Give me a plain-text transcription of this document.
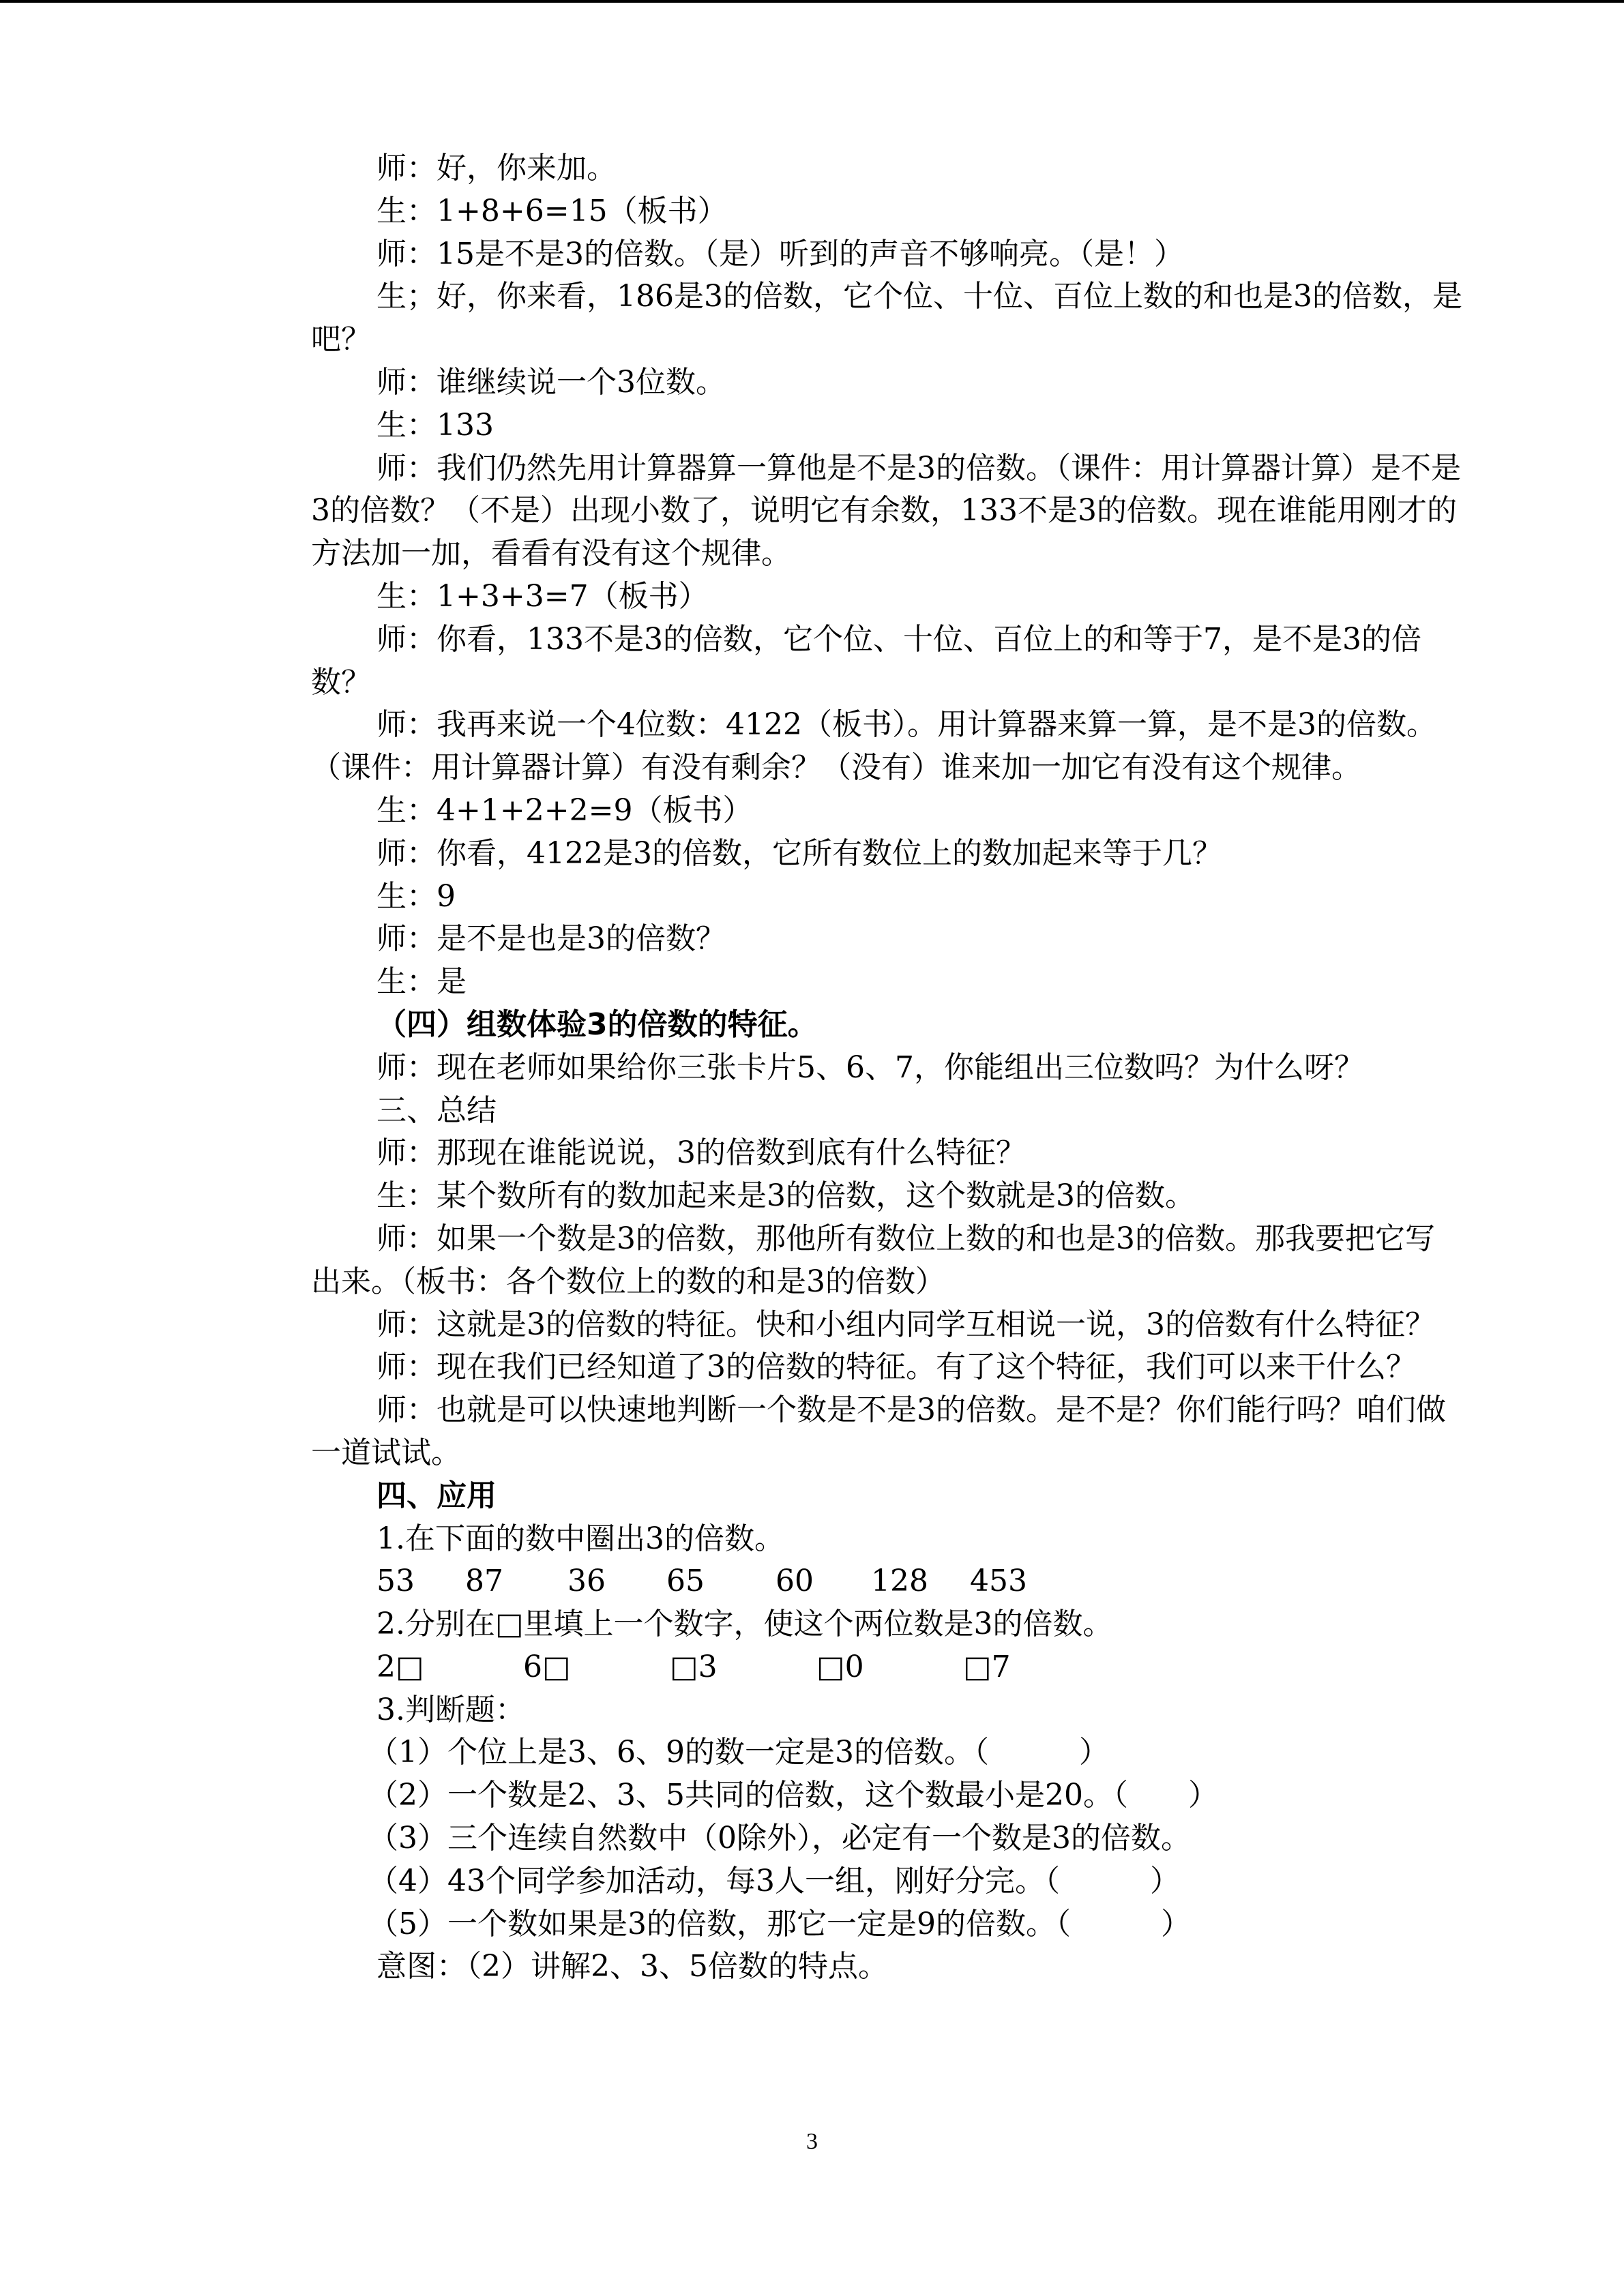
师：好，你来加。

生：1+8+6=15（板书）

师：15是不是3的倍数。（是）听到的声音不够响亮。（是！）

生；好，你来看，186是3的倍数，它个位、十位、百位上数的和也是3的倍数，是吧？

师：谁继续说一个3位数。

生：133

师：我们仍然先用计算器算一算他是不是3的倍数。（课件：用计算器计算）是不是3的倍数？（不是）出现小数了，说明它有余数，133不是3的倍数。现在谁能用刚才的方法加一加，看看有没有这个规律。

生：1+3+3=7（板书）

师：你看，133不是3的倍数，它个位、十位、百位上的和等于7，是不是3的倍数？

师：我再来说一个4位数：4122（板书）。用计算器来算一算，是不是3的倍数。（课件：用计算器计算）有没有剩余？（没有）谁来加一加它有没有这个规律。

生：4+1+2+2=9（板书）

师：你看，4122是3的倍数，它所有数位上的数加起来等于几？

生：9

师：是不是也是3的倍数？

生：是

（四）组数体验3的倍数的特征。

师：现在老师如果给你三张卡片5、6、7，你能组出三位数吗？为什么呀？

三、总结

师：那现在谁能说说，3的倍数到底有什么特征？

生：某个数所有的数加起来是3的倍数，这个数就是3的倍数。

师：如果一个数是3的倍数，那他所有数位上数的和也是3的倍数。那我要把它写出来。（板书：各个数位上的数的和是3的倍数）

师：这就是3的倍数的特征。快和小组内同学互相说一说，3的倍数有什么特征？

师：现在我们已经知道了3的倍数的特征。有了这个特征，我们可以来干什么？

师：也就是可以快速地判断一个数是不是3的倍数。是不是？你们能行吗？咱们做一道试试。

四、应用

1.在下面的数中圈出3的倍数。

53	87	36	65	60	128	453

2.分别在□里填上一个数字，使这个两位数是3的倍数。

2□	6□	□3	□0	□7

3.判断题：

（1）个位上是3、6、9的数一定是3的倍数。（　　　）

（2）一个数是2、3、5共同的倍数，这个数最小是20。（　　）

（3）三个连续自然数中（0除外），必定有一个数是3的倍数。

（4）43个同学参加活动，每3人一组，刚好分完。（　　　）

（5）一个数如果是3的倍数，那它一定是9的倍数。（　　　）

意图：（2）讲解2、3、5倍数的特点。

3
